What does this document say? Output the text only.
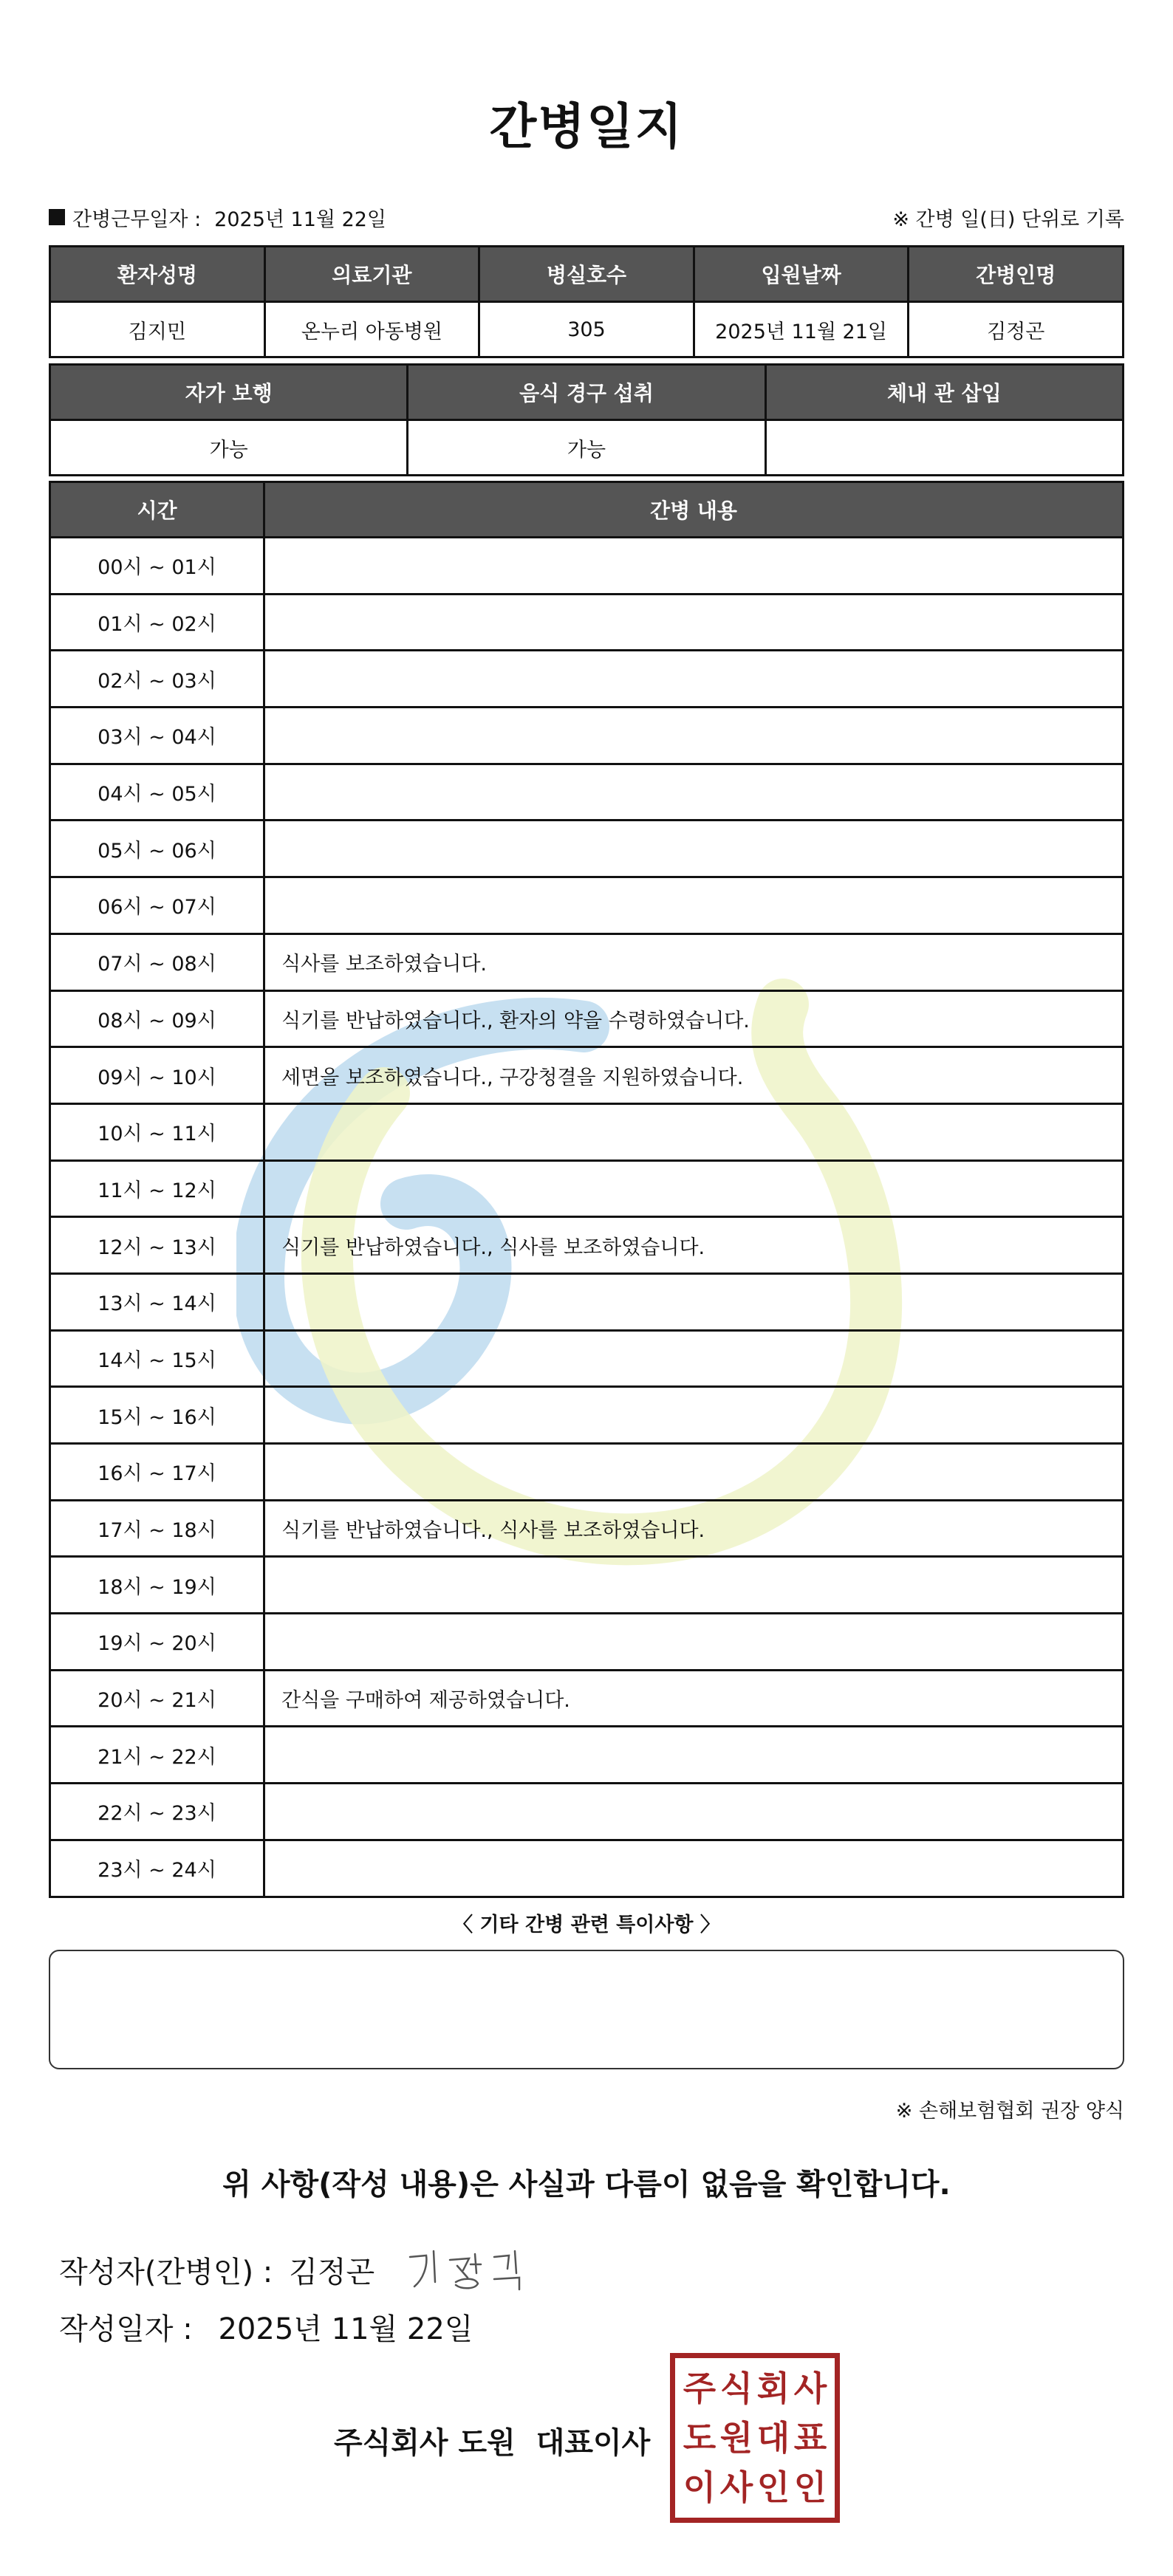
간병일지
간병근무일자 : 2025년 11월 22일	※ 간병 일(日) 단위로 기록
환자성명	의료기관	병실호수	입원날짜	간병인명
김지민	온누리 아동병원	305	2025년 11월 21일	김정곤
자가 보행	음식 경구 섭취	체내 관 삽입
가능	가능	
시간	간병 내용
00시 ~ 01시	
01시 ~ 02시	
02시 ~ 03시	
03시 ~ 04시	
04시 ~ 05시	
05시 ~ 06시	
06시 ~ 07시	
07시 ~ 08시	식사를 보조하였습니다.
08시 ~ 09시	식기를 반납하였습니다., 환자의 약을 수령하였습니다.
09시 ~ 10시	세면을 보조하였습니다., 구강청결을 지원하였습니다.
10시 ~ 11시	
11시 ~ 12시	
12시 ~ 13시	식기를 반납하였습니다., 식사를 보조하였습니다.
13시 ~ 14시	
14시 ~ 15시	
15시 ~ 16시	
16시 ~ 17시	
17시 ~ 18시	식기를 반납하였습니다., 식사를 보조하였습니다.
18시 ~ 19시	
19시 ~ 20시	
20시 ~ 21시	간식을 구매하여 제공하였습니다.
21시 ~ 22시	
22시 ~ 23시	
23시 ~ 24시	
〈 기타 간병 관련 특이사항 〉
※ 손해보험협회 권장 양식
위 사항(작성 내용)은 사실과 다름이 없음을 확인합니다.
작성자(간병인) : 김정곤
작성일자 : 2025년 11월 22일
주식회사 도원 대표이사
주 식 회 사
도 원 대 표
이 사 인 인
